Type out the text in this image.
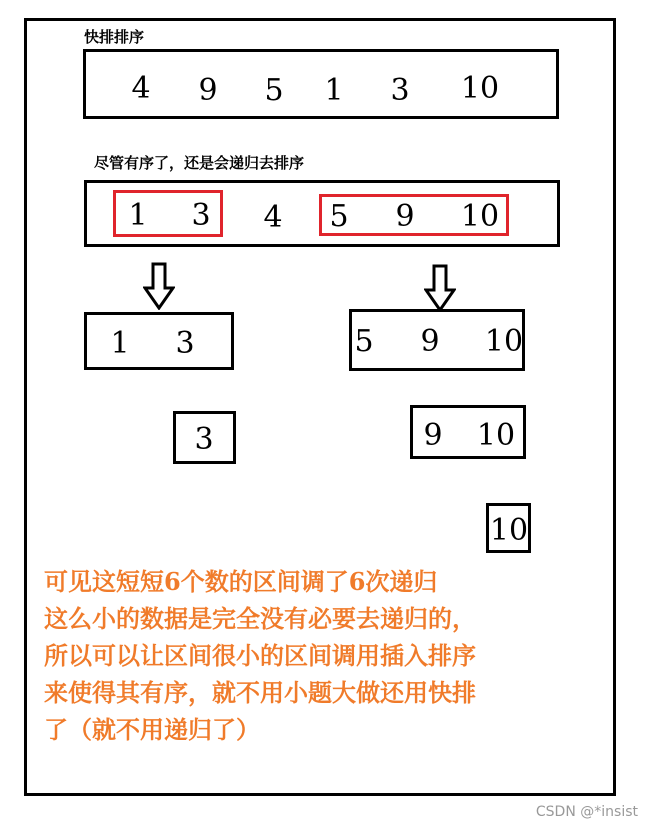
快排排序
4 9 5 1 3 10
尽管有序了，还是会递归去排序
4
1 3	5 9 10
1 3	5 9 10
3	9 10
10
可见这短短6个数的区间调了6次递归
这么小的数据是完全没有必要去递归的，
所以可以让区间很小的区间调用插入排序
来使得其有序，就不用小题大做还用快排
了（就不用递归了）
CSDN @*insist
